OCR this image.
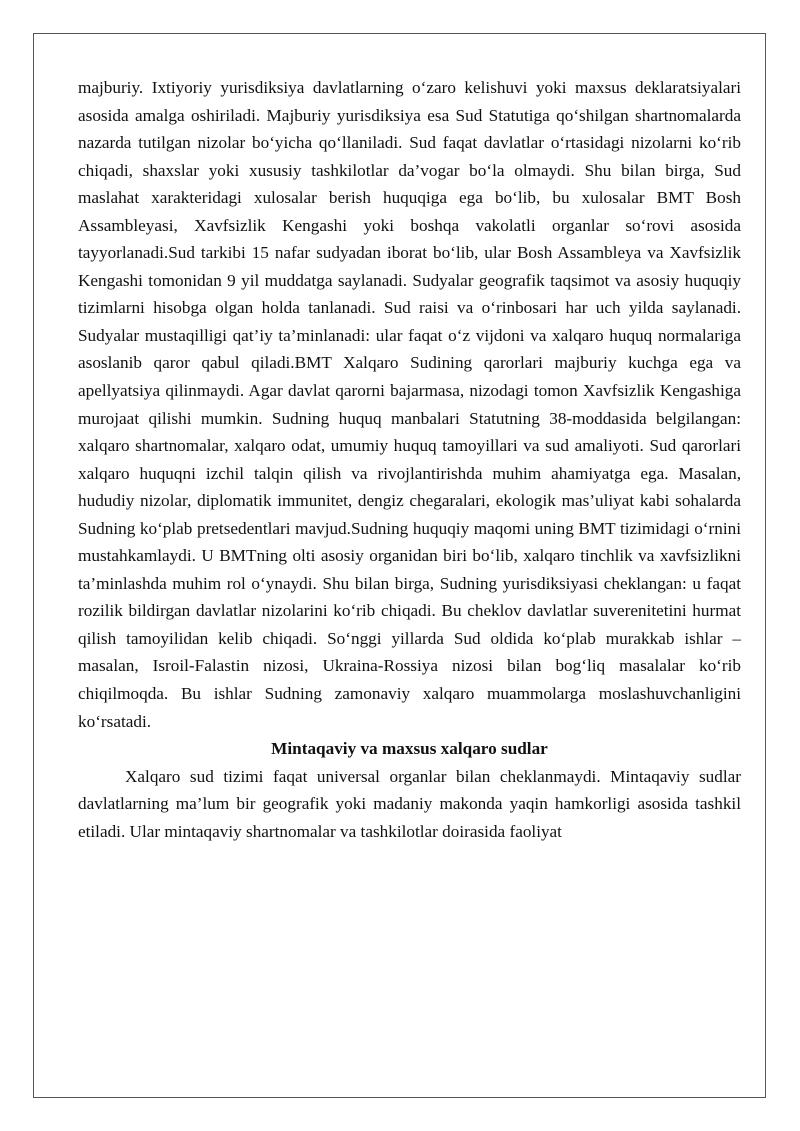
majburiy. Ixtiyoriy yurisdiksiya davlatlarning o‘zaro kelishuvi yoki maxsus deklaratsiyalari asosida amalga oshiriladi. Majburiy yurisdiksiya esa Sud Statutiga qo‘shilgan shartnomalarda nazarda tutilgan nizolar bo‘yicha qo‘llaniladi. Sud faqat davlatlar o‘rtasidagi nizolarni ko‘rib chiqadi, shaxslar yoki xususiy tashkilotlar da’vogar bo‘la olmaydi. Shu bilan birga, Sud maslahat xarakteridagi xulosalar berish huquqiga ega bo‘lib, bu xulosalar BMT Bosh Assambleyasi, Xavfsizlik Kengashi yoki boshqa vakolatli organlar so‘rovi asosida tayyorlanadi.Sud tarkibi 15 nafar sudyadan iborat bo‘lib, ular Bosh Assambleya va Xavfsizlik Kengashi tomonidan 9 yil muddatga saylanadi. Sudyalar geografik taqsimot va asosiy huquqiy tizimlarni hisobga olgan holda tanlanadi. Sud raisi va o‘rinbosari har uch yilda saylanadi. Sudyalar mustaqilligi qat’iy ta’minlanadi: ular faqat o‘z vijdoni va xalqaro huquq normalariga asoslanib qaror qabul qiladi.BMT Xalqaro Sudining qarorlari majburiy kuchga ega va apellyatsiya qilinmaydi. Agar davlat qarorni bajarmasa, nizodagi tomon Xavfsizlik Kengashiga murojaat qilishi mumkin. Sudning huquq manbalari Statutning 38-moddasida belgilangan: xalqaro shartnomalar, xalqaro odat, umumiy huquq tamoyillari va sud amaliyoti. Sud qarorlari xalqaro huquqni izchil talqin qilish va rivojlantirishda muhim ahamiyatga ega. Masalan, hududiy nizolar, diplomatik immunitet, dengiz chegaralari, ekologik mas’uliyat kabi sohalarda Sudning ko‘plab pretsedentlari mavjud.Sudning huquqiy maqomi uning BMT tizimidagi o‘rnini mustahkamlaydi. U BMTning olti asosiy organidan biri bo‘lib, xalqaro tinchlik va xavfsizlikni ta’minlashda muhim rol o‘ynaydi. Shu bilan birga, Sudning yurisdiksiyasi cheklangan: u faqat rozilik bildirgan davlatlar nizolarini ko‘rib chiqadi. Bu cheklov davlatlar suverenitetini hurmat qilish tamoyilidan kelib chiqadi. So‘nggi yillarda Sud oldida ko‘plab murakkab ishlar – masalan, Isroil-Falastin nizosi, Ukraina-Rossiya nizosi bilan bog‘liq masalalar ko‘rib chiqilmoqda. Bu ishlar Sudning zamonaviy xalqaro muammolarga moslashuvchanligini ko‘rsatadi.

Mintaqaviy va maxsus xalqaro sudlar

Xalqaro sud tizimi faqat universal organlar bilan cheklanmaydi. Mintaqaviy sudlar davlatlarning ma’lum bir geografik yoki madaniy makonda yaqin hamkorligi asosida tashkil etiladi. Ular mintaqaviy shartnomalar va tashkilotlar doirasida faoliyat
